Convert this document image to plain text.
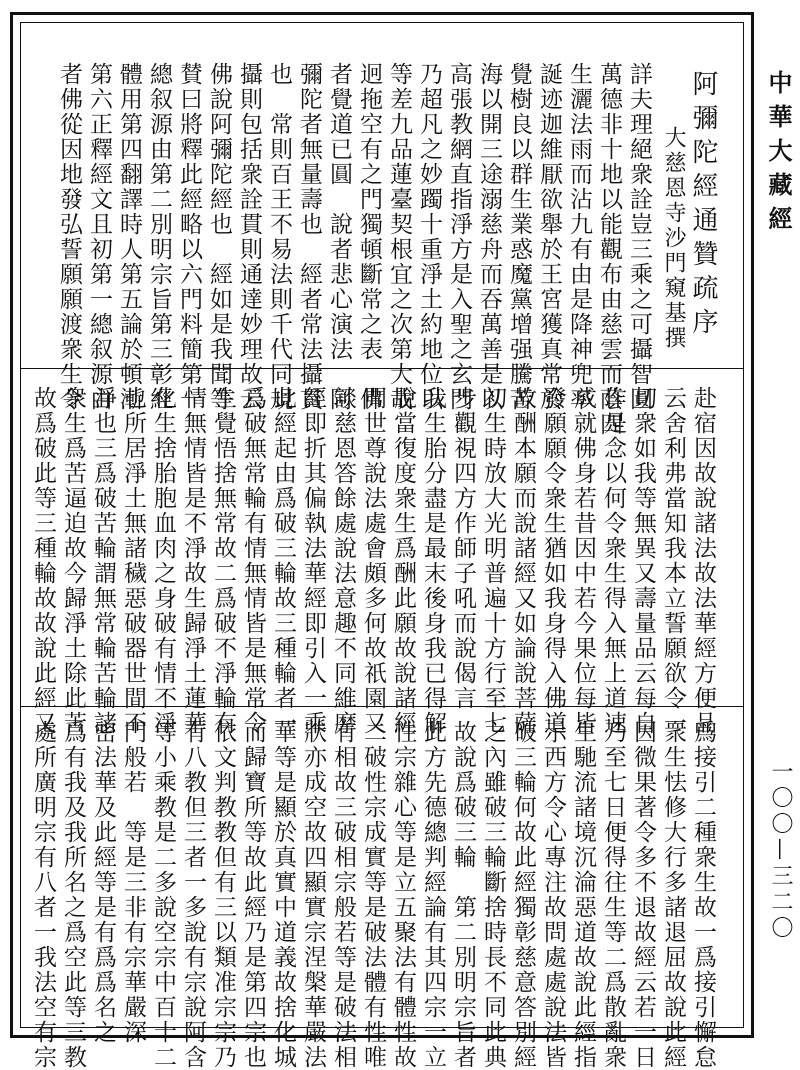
中華大藏經
一〇〇—三二〇
阿彌陀經通贊疏序
大慈恩寺沙門窺基撰
詳夫理絕衆詮豈三乘之可攝智圓
萬德非十地以能觀布由慈雲而蔭四
生灑法雨而沾九有由是降神兜率
誕迹迦維厭欲舉於王宮獲真常於
覺樹良以群生業惑魔黨增强騰苦
海以開三途溺慈舟而吞萬善是以
高張教網直指淨方是入聖之玄門
乃超凡之妙躅十重淨土約地位以
等差九品蓮臺契根宜之次第大哉
迥拖空有之門獨頓斷常之表　佛
者覺道已圓　說者悲心演法　阿
彌陀者無量壽也　經者常法攝貫
也　常則百王不易法則千代同規
攝則包括衆詮貫則通達妙理故云
佛說阿彌陀經也　經如是我聞等
賛曰將釋此經略以六門料簡第一
總叙源由第二別明宗旨第三彰經
體用第四翻譯時人第五論於頓漸
第六正釋經文且初第一總叙源由
者佛從因地發弘誓願願渡衆生令
赴宿因故說諸法故法華經方便品
云舍利弗當知我本立誓願欲令一
切衆如我等無異又壽量品云每自
作是念以何令衆生得入無上道速
成就佛身若昔因中若今果位每皆
發願願令衆生猶如我身得入佛道
故酬本願而說諸經又如論說菩薩
初生時放大光明普遍十方行至七
步觀視四方作師子吼而說偈言
我生胎分盡是最末後身我已得解
脫當復度衆生爲酬此願故說諸經
問世尊說法處會頗多何故祇園又
談慈恩答餘處說法意趣不同維摩
經即折其偏執法華經即引入一乘
此經起由爲破三輪故三種輪者一
爲破無常輪有情無情皆是無常令
生覺悟捨無常故二爲破不淨輪有
情無情皆是不淨故生歸淨土蓮華
化生捨胎胞血肉之身破有情不淨
也所居淨土無諸穢惡破器世間不
淨也三爲破苦輪謂無常輪苦輪諸
衆生爲苦逼迫故今歸淨土除此苦
故爲破此等三種輪故故說此經又
爲接引二種衆生故一爲接引懈怠
衆生怯修大行多諸退屈故說此經
因微果著令多不退故經云若一日
乃至七日便得往生等二爲散亂衆
生馳流諸境沉淪惡道故說此經指
示西方令心專注故問處處說法皆
破三輪何故此經獨彰慈意答別經
之內雖破三輪斷捨時長不同此典
故說爲破三輪　第二別明宗旨者
此方先德總判經論有其四宗一立
性宗雜心等是立五聚法有體性故
二破性宗成實等是破法體有性唯
有相故三破相宗般若等是破法相
狀亦成空故四顯實宗涅槃華嚴法
華等是顯於真實中道義故捨化城
而歸寶所等故此經乃是第四宗也
依文判教教但有三以類准宗宗乃
有八教但三者一多說有宗說阿含
等小乘教是二多說空宗中百十二
門般若　等是三非有宗華嚴深
密法華及此經等是有爲爲名之
爲有我及我所名之爲空此等三教
處所廣明宗有八者一我法空有宗
